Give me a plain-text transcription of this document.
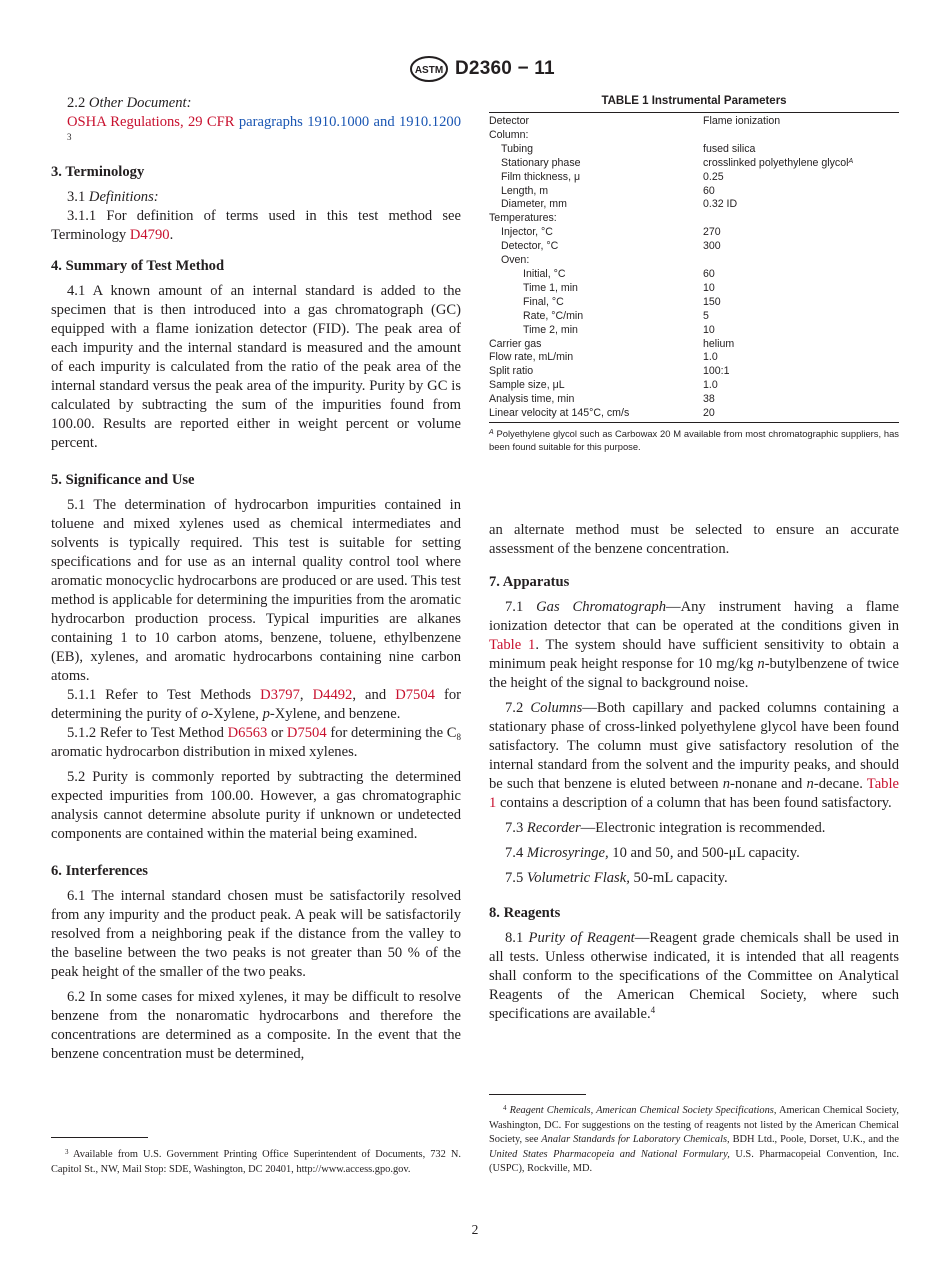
ASTM D2360 − 11

2.2 Other Document:

OSHA Regulations, 29 CFR paragraphs 1910.1000 and 1910.1200 $^3$

3. Terminology

3.1 Definitions:

3.1.1 For definition of terms used in this test method see Terminology D4790.

4. Summary of Test Method

4.1 A known amount of an internal standard is added to the specimen that is then introduced into a gas chromatograph (GC) equipped with a flame ionization detector (FID). The peak area of each impurity and the internal standard is measured and the amount of each impurity is calculated from the ratio of the peak area of the internal standard versus the peak area of the impurity. Purity by GC is calculated by subtracting the sum of the impurities found from 100.00. Results are reported either in weight percent or volume percent.

5. Significance and Use

5.1 The determination of hydrocarbon impurities contained in toluene and mixed xylenes used as chemical intermediates and solvents is typically required. This test is suitable for setting specifications and for use as an internal quality control tool where aromatic monocyclic hydrocarbons are produced or are used. This test method is applicable for determining the impurities from the aromatic hydrocarbon production process. Typical impurities are alkanes containing 1 to 10 carbon atoms, benzene, toluene, ethylbenzene (EB), xylenes, and aromatic hydrocarbons containing nine carbon atoms.

5.1.1 Refer to Test Methods D3797, D4492, and D7504 for determining the purity of o-Xylene, p-Xylene, and benzene.

5.1.2 Refer to Test Method D6563 or D7504 for determining the $C_8$ aromatic hydrocarbon distribution in mixed xylenes.

5.2 Purity is commonly reported by subtracting the determined expected impurities from 100.00. However, a gas chromatographic analysis cannot determine absolute purity if unknown or undetected components are contained within the material being examined.

6. Interferences

6.1 The internal standard chosen must be satisfactorily resolved from any impurity and the product peak. A peak will be satisfactorily resolved from a neighboring peak if the distance from the valley to the baseline between the two peaks is not greater than 50 % of the peak height of the smaller of the two peaks.

6.2 In some cases for mixed xylenes, it may be difficult to resolve benzene from the nonaromatic hydrocarbons and therefore the concentrations are determined as a composite. In the event that the benzene concentration must be determined,

TABLE 1 Instrumental Parameters
Detector	Flame ionization
Column:	
Tubing	fused silica
Stationary phase	crosslinked polyethylene glycol$^A$
Film thickness, μ	0.25
Length, m	60
Diameter, mm	0.32 ID
Temperatures:	
Injector, °C	270
Detector, °C	300
Oven:	
Initial, °C	60
Time 1, min	10
Final, °C	150
Rate, °C/min	5
Time 2, min	10
Carrier gas	helium
Flow rate, mL/min	1.0
Split ratio	100:1
Sample size, μL	1.0
Analysis time, min	38
Linear velocity at 145°C, cm/s	20
$^A$ Polyethylene glycol such as Carbowax 20 M available from most chromatographic suppliers, has been found suitable for this purpose.

an alternate method must be selected to ensure an accurate assessment of the benzene concentration.

7. Apparatus

7.1 Gas Chromatograph—Any instrument having a flame ionization detector that can be operated at the conditions given in Table 1. The system should have sufficient sensitivity to obtain a minimum peak height response for 10 mg/kg n-butylbenzene of twice the height of the signal to background noise.

7.2 Columns—Both capillary and packed columns containing a stationary phase of cross-linked polyethylene glycol have been found satisfactory. The column must give satisfactory resolution of the internal standard from the solvent and the impurity peaks, and should be such that benzene is eluted between n-nonane and n-decane. Table 1 contains a description of a column that has been found satisfactory.

7.3 Recorder—Electronic integration is recommended.

7.4 Microsyringe, 10 and 50, and 500-μL capacity.

7.5 Volumetric Flask, 50-mL capacity.

8. Reagents

8.1 Purity of Reagent—Reagent grade chemicals shall be used in all tests. Unless otherwise indicated, it is intended that all reagents shall conform to the specifications of the Committee on Analytical Reagents of the American Chemical Society, where such specifications are available.$^4$

$^3$ Available from U.S. Government Printing Office Superintendent of Documents, 732 N. Capitol St., NW, Mail Stop: SDE, Washington, DC 20401, http://www.access.gpo.gov.
$^4$ Reagent Chemicals, American Chemical Society Specifications, American Chemical Society, Washington, DC. For suggestions on the testing of reagents not listed by the American Chemical Society, see Analar Standards for Laboratory Chemicals, BDH Ltd., Poole, Dorset, U.K., and the United States Pharmacopeia and National Formulary, U.S. Pharmacopeial Convention, Inc. (USPC), Rockville, MD.
2
